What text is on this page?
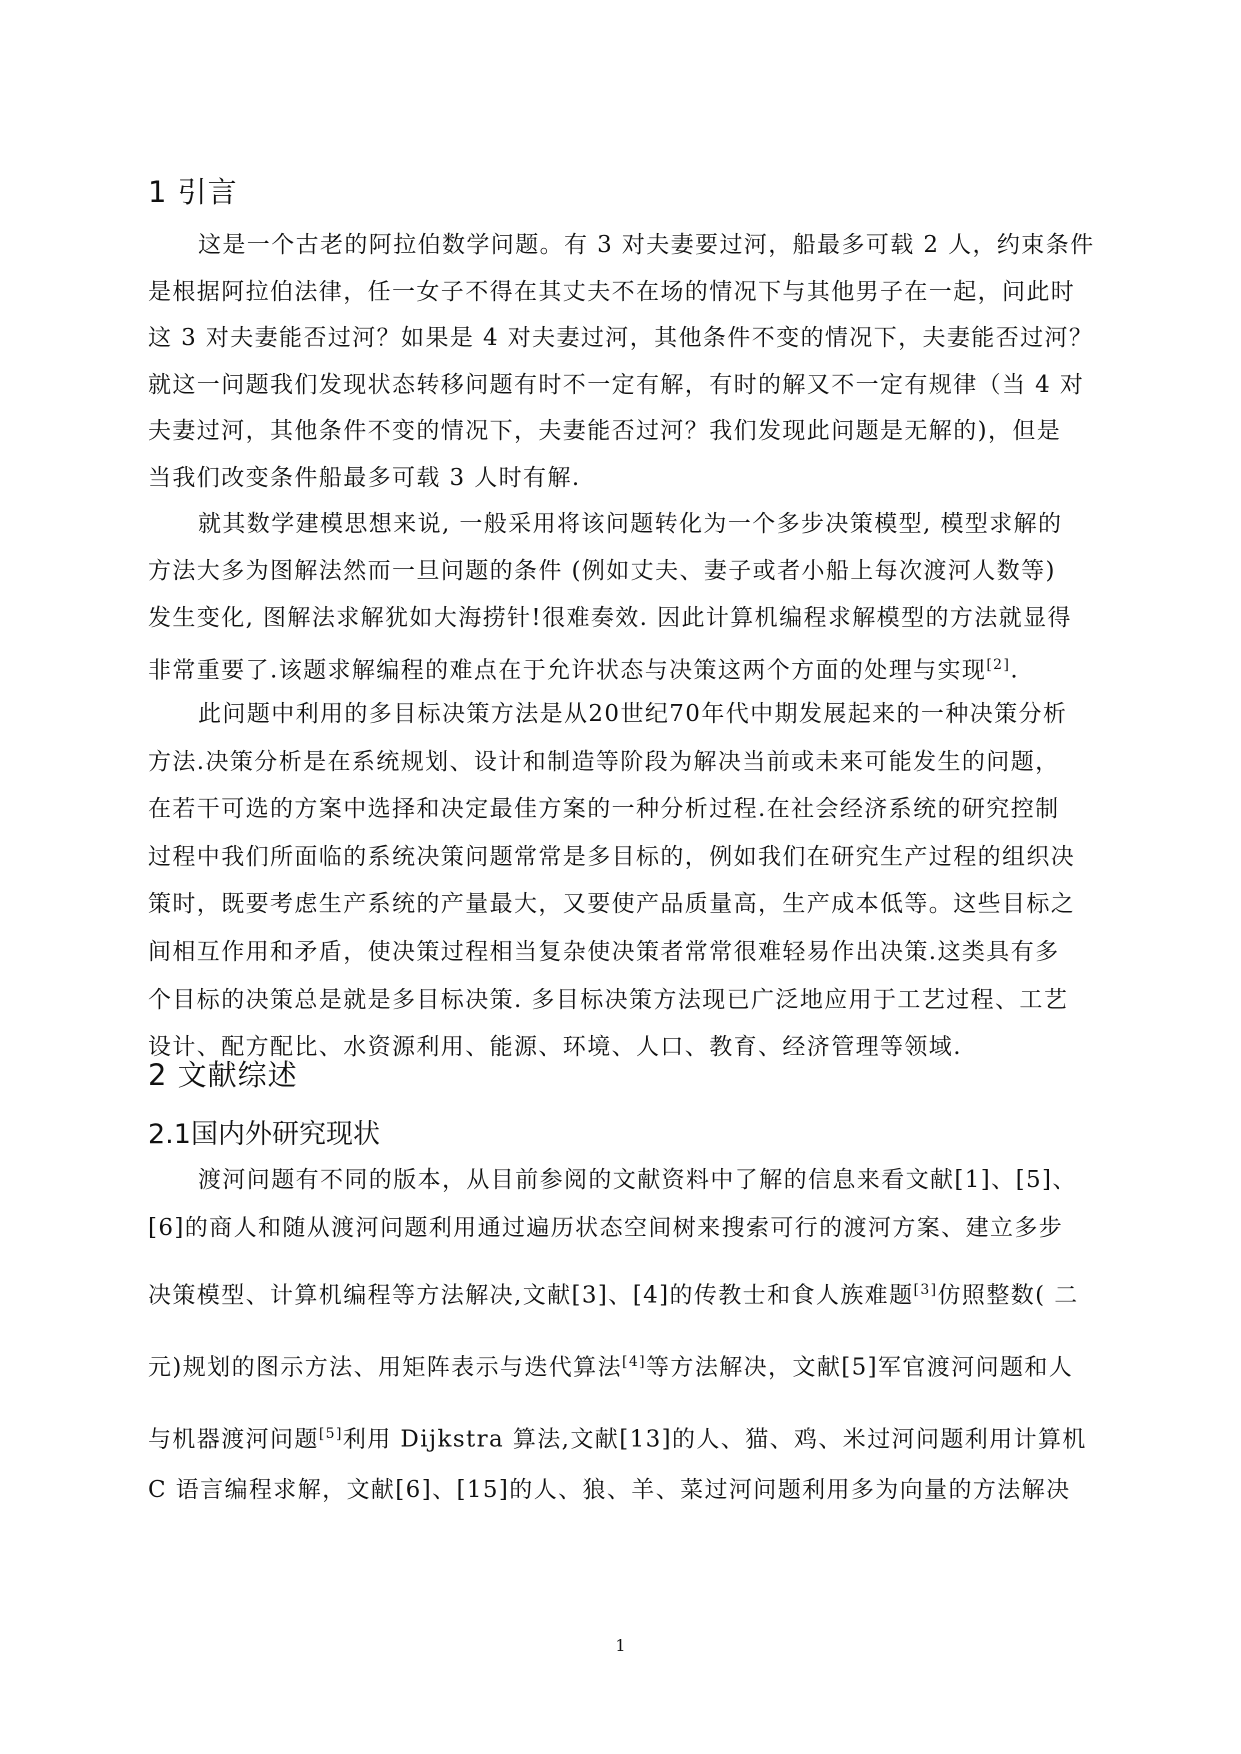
1 引言
这是一个古老的阿拉伯数学问题。有 3 对夫妻要过河，船最多可载 2 人，约束条件
是根据阿拉伯法律，任一女子不得在其丈夫不在场的情况下与其他男子在一起，问此时
这 3 对夫妻能否过河？如果是 4 对夫妻过河，其他条件不变的情况下，夫妻能否过河？
就这一问题我们发现状态转移问题有时不一定有解，有时的解又不一定有规律（当 4 对
夫妻过河，其他条件不变的情况下，夫妻能否过河？我们发现此问题是无解的)，但是
当我们改变条件船最多可载 3 人时有解.
就其数学建模思想来说, 一般采用将该问题转化为一个多步决策模型, 模型求解的
方法大多为图解法然而一旦问题的条件 (例如丈夫、妻子或者小船上每次渡河人数等)
发生变化, 图解法求解犹如大海捞针!很难奏效. 因此计算机编程求解模型的方法就显得
非常重要了.该题求解编程的难点在于允许状态与决策这两个方面的处理与实现[2].
此问题中利用的多目标决策方法是从20世纪70年代中期发展起来的一种决策分析
方法.决策分析是在系统规划、设计和制造等阶段为解决当前或未来可能发生的问题，
在若干可选的方案中选择和决定最佳方案的一种分析过程.在社会经济系统的研究控制
过程中我们所面临的系统决策问题常常是多目标的，例如我们在研究生产过程的组织决
策时，既要考虑生产系统的产量最大，又要使产品质量高，生产成本低等。这些目标之
间相互作用和矛盾，使决策过程相当复杂使决策者常常很难轻易作出决策.这类具有多
个目标的决策总是就是多目标决策. 多目标决策方法现已广泛地应用于工艺过程、工艺
设计、配方配比、水资源利用、能源、环境、人口、教育、经济管理等领域.
2 文献综述
2.1国内外研究现状
渡河问题有不同的版本，从目前参阅的文献资料中了解的信息来看文献[1]、[5]、
[6]的商人和随从渡河问题利用通过遍历状态空间树来搜索可行的渡河方案、建立多步
决策模型、计算机编程等方法解决,文献[3]、[4]的传教士和食人族难题[3]仿照整数( 二
元)规划的图示方法、用矩阵表示与迭代算法[4]等方法解决，文献[5]军官渡河问题和人
与机器渡河问题[5]利用 Dijkstra 算法,文献[13]的人、猫、鸡、米过河问题利用计算机
C 语言编程求解，文献[6]、[15]的人、狼、羊、菜过河问题利用多为向量的方法解决
1
